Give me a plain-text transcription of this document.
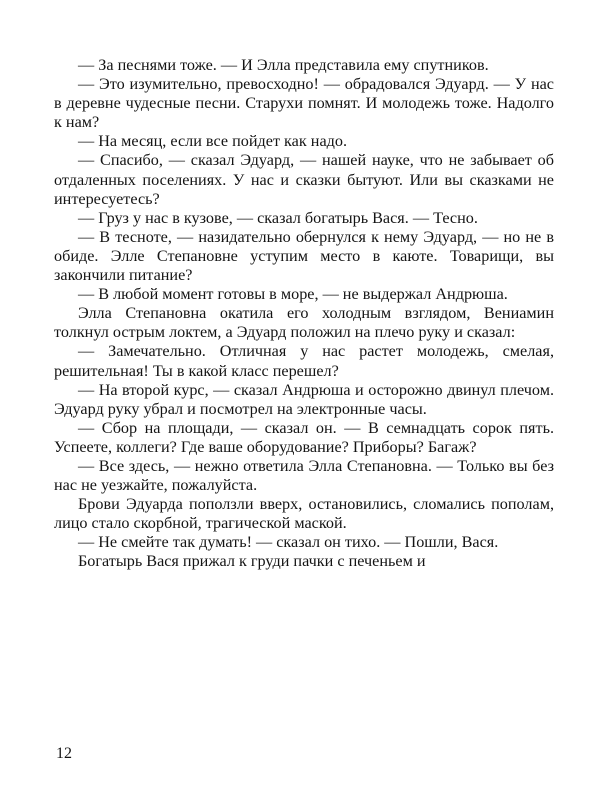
— За песнями тоже. — И Элла представила ему спутников.

— Это изумительно, превосходно! — обрадовался Эдуард. — У нас в деревне чудесные песни. Старухи помнят. И молодежь тоже. Надолго к нам?

— На месяц, если все пойдет как надо.

— Спасибо, — сказал Эдуард, — нашей науке, что не забывает об отдаленных поселениях. У нас и сказки бытуют. Или вы сказками не интересуетесь?

— Груз у нас в кузове, — сказал богатырь Вася. — Тесно.

— В тесноте, — назидательно обернулся к нему Эдуард, — но не в обиде. Элле Степановне уступим место в каюте. Товарищи, вы закончили питание?

— В любой момент готовы в море, — не выдержал Андрюша.

Элла Степановна окатила его холодным взглядом, Вениамин толкнул острым локтем, а Эдуард положил на плечо руку и сказал:

— Замечательно. Отличная у нас растет молодежь, смелая, решительная! Ты в какой класс перешел?

— На второй курс, — сказал Андрюша и осторожно двинул плечом. Эдуард руку убрал и посмотрел на электронные часы.

— Сбор на площади, — сказал он. — В семнадцать сорок пять. Успеете, коллеги? Где ваше оборудование? Приборы? Багаж?

— Все здесь, — нежно ответила Элла Степановна. — Только вы без нас не уезжайте, пожалуйста.

Брови Эдуарда поползли вверх, остановились, сломались пополам, лицо стало скорбной, трагической маской.

— Не смейте так думать! — сказал он тихо. — Пошли, Вася.

Богатырь Вася прижал к груди пачки с печеньем и

12
